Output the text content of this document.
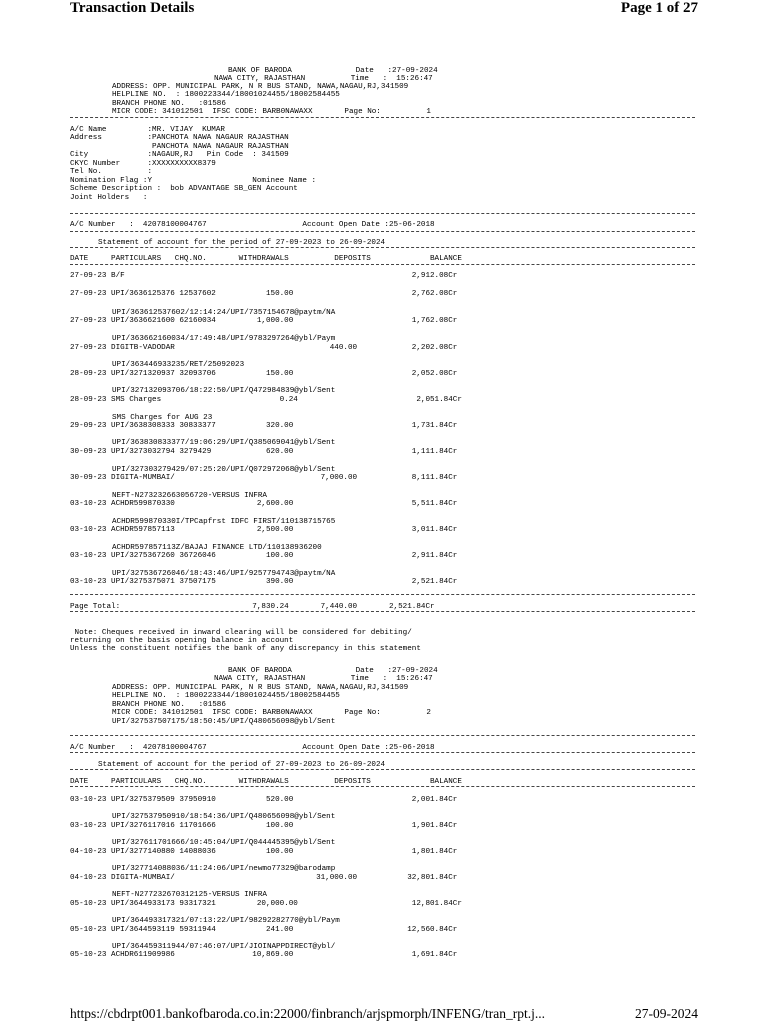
Transaction Details	Page 1 of 27
BANK OF BARODA              Date   :27-09-2024
NAWA CITY, RAJASTHAN          Time   :  15:26:47
ADDRESS: OPP. MUNICIPAL PARK, N R BUS STAND, NAWA,NAGAU,RJ,341509
HELPLINE NO.  : 1800223344/18001024455/18002584455
BRANCH PHONE NO.   :01586
MICR CODE: 341012501  IFSC CODE: BARB0NAWAXX       Page No:          1
A/C Name         :MR. VIJAY  KUMAR
Address          :PANCHOTA NAWA NAGAUR RAJASTHAN
PANCHOTA NAWA NAGAUR RAJASTHAN
City             :NAGAUR,RJ   Pin Code  : 341509
CKYC Number      :XXXXXXXXXX8379
Tel No.          :
Nomination Flag :Y                      Nominee Name :
Scheme Description :  bob ADVANTAGE SB_GEN Account
Joint Holders   :
A/C Number   :  42078100004767                     Account Open Date :25-06-2018
Statement of account for the period of 27-09-2023 to 26-09-2024
DATE     PARTICULARS   CHQ.NO.       WITHDRAWALS          DEPOSITS             BALANCE
27-09-23 B/F                                                               2,912.08Cr
27-09-23 UPI/3636125376 12537602           150.00                          2,762.08Cr
UPI/363612537602/12:14:24/UPI/7357154678@paytm/NA
27-09-23 UPI/3636621600 62160034         1,000.00                          1,762.08Cr
UPI/363662160034/17:49:48/UPI/9783297264@ybl/Paym
27-09-23 DIGITB-VADODAR                                  440.00            2,202.08Cr
UPI/363446933235/RET/25092023
28-09-23 UPI/3271320937 32093706           150.00                          2,052.08Cr
UPI/327132093706/18:22:50/UPI/Q472984839@ybl/Sent
28-09-23 SMS Charges                          0.24                          2,051.84Cr
SMS Charges for AUG 23
29-09-23 UPI/3638308333 30833377           320.00                          1,731.84Cr
UPI/363830833377/19:06:29/UPI/Q385069041@ybl/Sent
30-09-23 UPI/3273032794 3279429            620.00                          1,111.84Cr
UPI/327303279429/07:25:20/UPI/Q072972068@ybl/Sent
30-09-23 DIGITA-MUMBAI/                                7,000.00            8,111.84Cr
NEFT-N273232663056720-VERSUS INFRA
03-10-23 ACHDR599870330                  2,600.00                          5,511.84Cr
ACHDR599870330I/TPCapfrst IDFC FIRST/110138715765
03-10-23 ACHDR597857113                  2,500.00                          3,011.84Cr
ACHDR597857113Z/BAJAJ FINANCE LTD/110138936200
03-10-23 UPI/3275367260 36726046           100.00                          2,911.84Cr
UPI/327536726046/18:43:46/UPI/9257794743@paytm/NA
03-10-23 UPI/3275375071 37507175           390.00                          2,521.84Cr
Page Total:                             7,830.24       7,440.00       2,521.84Cr
Note: Cheques received in inward clearing will be considered for debiting/
returning on the basis opening balance in account
Unless the constituent notifies the bank of any discrepancy in this statement
BANK OF BARODA              Date   :27-09-2024
NAWA CITY, RAJASTHAN          Time   :  15:26:47
ADDRESS: OPP. MUNICIPAL PARK, N R BUS STAND, NAWA,NAGAU,RJ,341509
HELPLINE NO.  : 1800223344/18001024455/18002584455
BRANCH PHONE NO.   :01586
MICR CODE: 341012501  IFSC CODE: BARB0NAWAXX       Page No:          2
UPI/327537507175/18:50:45/UPI/Q480656098@ybl/Sent
A/C Number   :  42078100004767                     Account Open Date :25-06-2018
Statement of account for the period of 27-09-2023 to 26-09-2024
DATE     PARTICULARS   CHQ.NO.       WITHDRAWALS          DEPOSITS             BALANCE
03-10-23 UPI/3275379509 37950910           520.00                          2,001.84Cr
UPI/327537950910/18:54:36/UPI/Q480656098@ybl/Sent
03-10-23 UPI/3276117016 11701666           100.00                          1,901.84Cr
UPI/327611701666/10:45:04/UPI/Q044445395@ybl/Sent
04-10-23 UPI/3277140880 14088036           100.00                          1,801.84Cr
UPI/327714088036/11:24:06/UPI/newmo77329@barodamp
04-10-23 DIGITA-MUMBAI/                               31,000.00           32,801.84Cr
NEFT-N277232670312125-VERSUS INFRA
05-10-23 UPI/3644933173 93317321         20,000.00                         12,801.84Cr
UPI/364493317321/07:13:22/UPI/98292282770@ybl/Paym
05-10-23 UPI/3644593119 59311944           241.00                         12,560.84Cr
UPI/364459311944/07:46:07/UPI/JIOINAPPDIRECT@ybl/
05-10-23 ACHDR611909986                 10,869.00                          1,691.84Cr
https://cbdrpt001.bankofbaroda.co.in:22000/finbranch/arjspmorph/INFENG/tran_rpt.j...	27-09-2024
